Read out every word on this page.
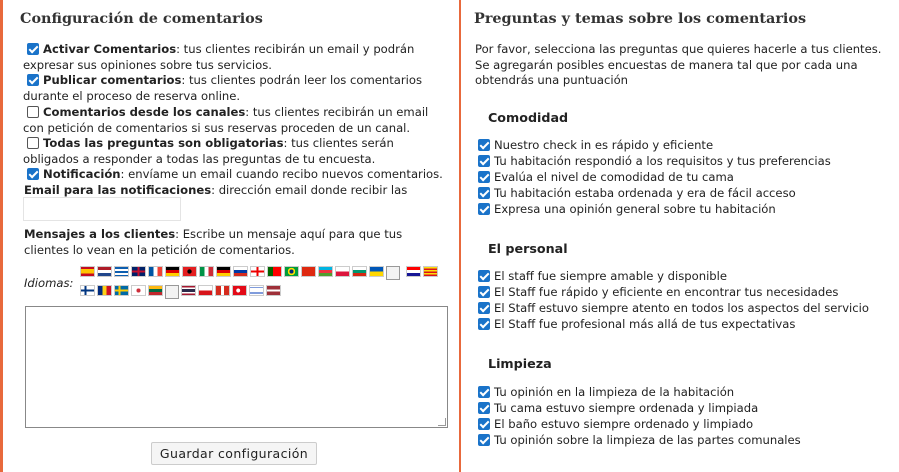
Configuración de comentarios
Activar Comentarios: tus clientes recibirán un email y podrán expresar sus opiniones sobre tus servicios.
Publicar comentarios: tus clientes podrán leer los comentarios durante el proceso de reserva online.
Comentarios desde los canales: tus clientes recibirán un email con petición de comentarios si sus reservas proceden de un canal.
Todas las preguntas son obligatorias: tus clientes serán obligados a responder a todas las preguntas de tu encuesta.
Notificación: envíame un email cuando recibo nuevos comentarios.
Email para las notificaciones: dirección email donde recibir las
Mensajes a los clientes: Escribe un mensaje aquí para que tus clientes lo vean en la petición de comentarios.
Idiomas:

Guardar configuración
Preguntas y temas sobre los comentarios
Por favor, selecciona las preguntas que quieres hacerle a tus clientes. Se agregarán posibles encuestas de manera tal que por cada una obtendrás una puntuación
Comodidad
Nuestro check in es rápido y eficiente
Tu habitación respondió a los requisitos y tus preferencias
Evalúa el nivel de comodidad de tu cama
Tu habitación estaba ordenada y era de fácil acceso
Expresa una opinión general sobre tu habitación
El personal
El staff fue siempre amable y disponible
El Staff fue rápido y eficiente en encontrar tus necesidades
El Staff estuvo siempre atento en todos los aspectos del servicio
El Staff fue profesional más allá de tus expectativas
Limpieza
Tu opinión en la limpieza de la habitación
Tu cama estuvo siempre ordenada y limpiada
El baño estuvo siempre ordenado y limpiado
Tu opinión sobre la limpieza de las partes comunales
